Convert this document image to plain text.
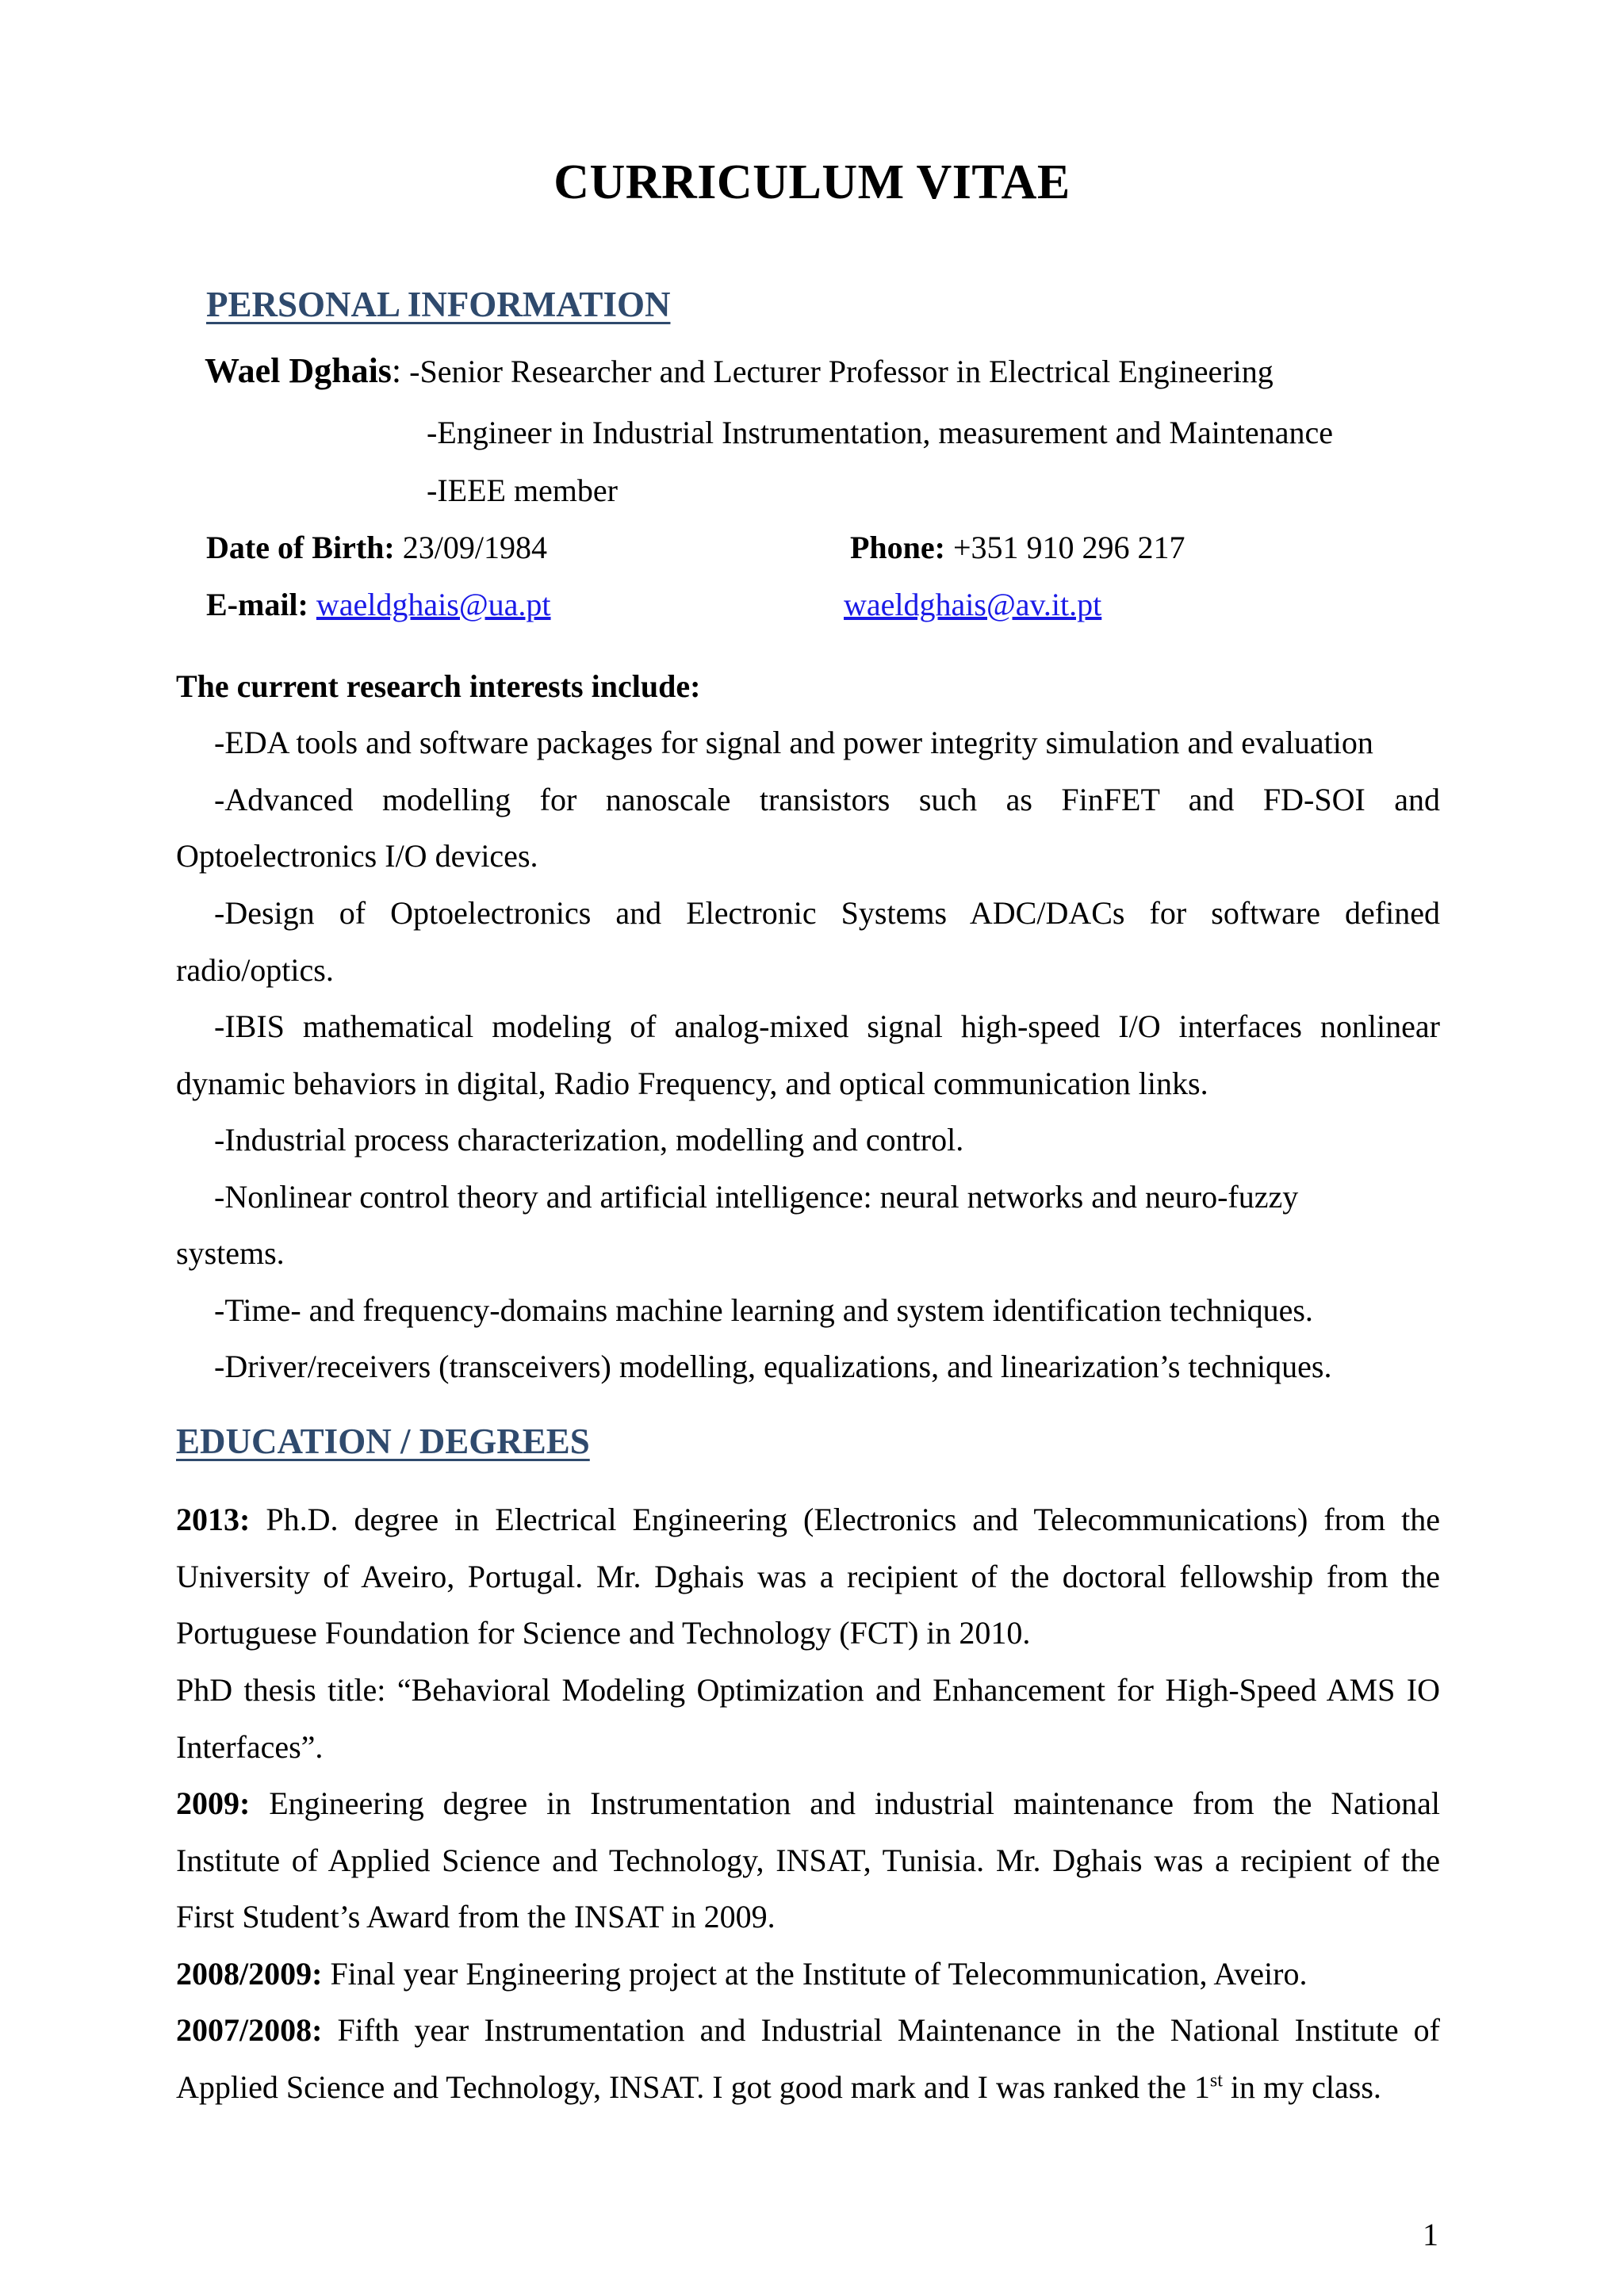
CURRICULUM VITAE
PERSONAL INFORMATION
Wael Dghais: -Senior Researcher and Lecturer Professor in Electrical Engineering
-Engineer in Industrial Instrumentation, measurement and Maintenance
-IEEE member
Date of Birth: 23/09/1984	Phone: +351 910 296 217
E-mail: waeldghais@ua.pt	waeldghais@av.it.pt
The current research interests include:
-EDA tools and software packages for signal and power integrity simulation and evaluation
-Advanced modelling for nanoscale transistors such as FinFET and FD-SOI and
Optoelectronics I/O devices.
-Design of Optoelectronics and Electronic Systems ADC/DACs for software defined
radio/optics.
-IBIS mathematical modeling of analog-mixed signal high-speed I/O interfaces nonlinear
dynamic behaviors in digital, Radio Frequency, and optical communication links.
-Industrial process characterization, modelling and control.
-Nonlinear control theory and artificial intelligence: neural networks and neuro-fuzzy
systems.
-Time- and frequency-domains machine learning and system identification techniques.
-Driver/receivers (transceivers) modelling, equalizations, and linearization’s techniques.
EDUCATION / DEGREES
2013: Ph.D. degree in Electrical Engineering (Electronics and Telecommunications) from the
University of Aveiro, Portugal. Mr. Dghais was a recipient of the doctoral fellowship from the
Portuguese Foundation for Science and Technology (FCT) in 2010.
PhD thesis title: “Behavioral Modeling Optimization and Enhancement for High-Speed AMS IO
Interfaces”.
2009: Engineering degree in Instrumentation and industrial maintenance from the National
Institute of Applied Science and Technology, INSAT, Tunisia. Mr. Dghais was a recipient of the
First Student’s Award from the INSAT in 2009.
2008/2009: Final year Engineering project at the Institute of Telecommunication, Aveiro.
2007/2008: Fifth year Instrumentation and Industrial Maintenance in the National Institute of
Applied Science and Technology, INSAT. I got good mark and I was ranked the 1st in my class.
1
